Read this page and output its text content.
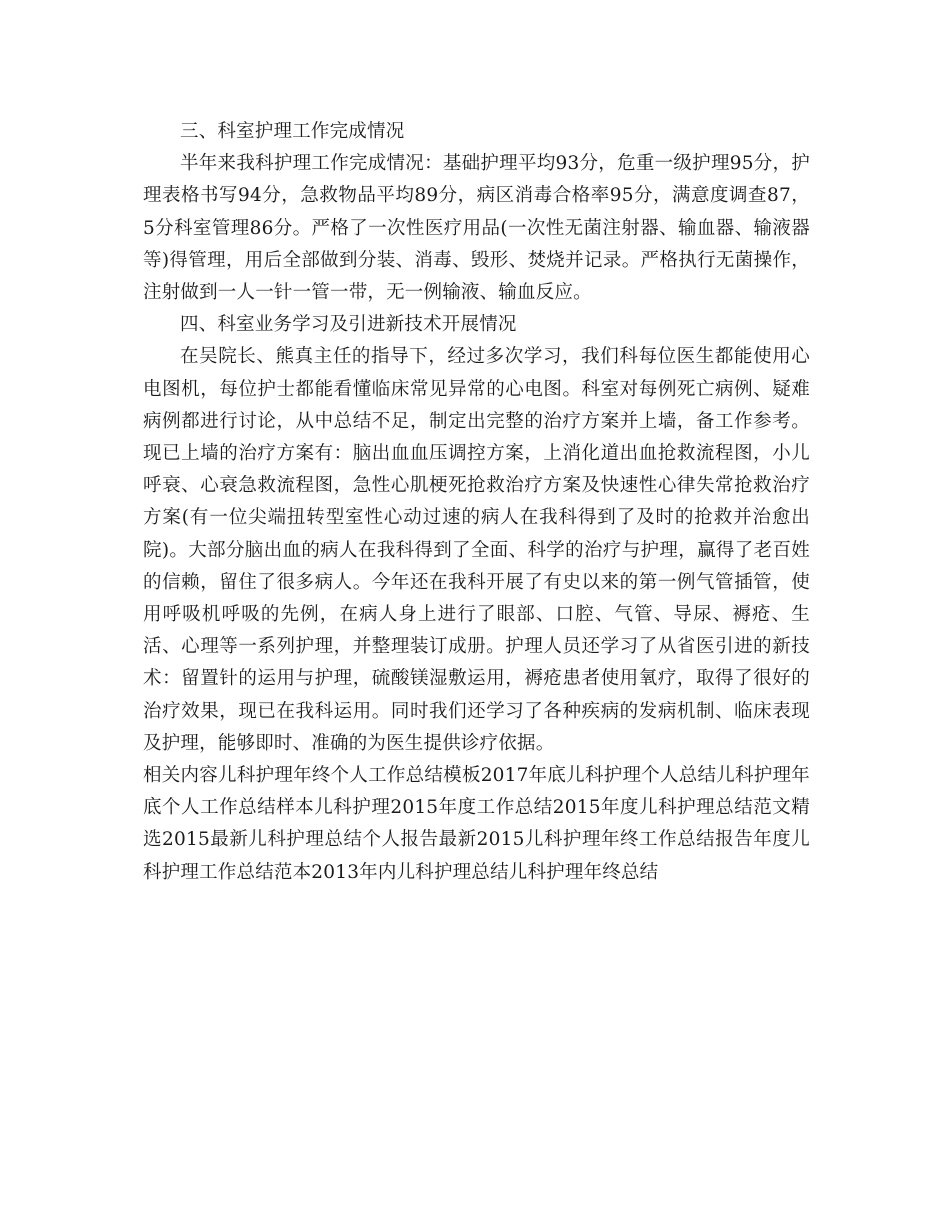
三、科室护理工作完成情况

半年来我科护理工作完成情况：基础护理平均93分，危重一级护理95分，护理表格书写94分，急救物品平均89分，病区消毒合格率95分，满意度调查87，5分科室管理86分。严格了一次性医疗用品(一次性无菌注射器、输血器、输液器等)得管理，用后全部做到分装、消毒、毁形、焚烧并记录。严格执行无菌操作，注射做到一人一针一管一带，无一例输液、输血反应。

四、科室业务学习及引进新技术开展情况

在吴院长、熊真主任的指导下，经过多次学习，我们科每位医生都能使用心电图机，每位护士都能看懂临床常见异常的心电图。科室对每例死亡病例、疑难病例都进行讨论，从中总结不足，制定出完整的治疗方案并上墙，备工作参考。现已上墙的治疗方案有：脑出血血压调控方案，上消化道出血抢救流程图，小儿呼衰、心衰急救流程图，急性心肌梗死抢救治疗方案及快速性心律失常抢救治疗方案(有一位尖端扭转型室性心动过速的病人在我科得到了及时的抢救并治愈出院)。大部分脑出血的病人在我科得到了全面、科学的治疗与护理，赢得了老百姓的信赖，留住了很多病人。今年还在我科开展了有史以来的第一例气管插管，使用呼吸机呼吸的先例，在病人身上进行了眼部、口腔、气管、导尿、褥疮、生活、心理等一系列护理，并整理装订成册。护理人员还学习了从省医引进的新技术：留置针的运用与护理，硫酸镁湿敷运用，褥疮患者使用氧疗，取得了很好的治疗效果，现已在我科运用。同时我们还学习了各种疾病的发病机制、临床表现及护理，能够即时、准确的为医生提供诊疗依据。

相关内容儿科护理年终个人工作总结模板2017年底儿科护理个人总结儿科护理年底个人工作总结样本儿科护理2015年度工作总结2015年度儿科护理总结范文精选2015最新儿科护理总结个人报告最新2015儿科护理年终工作总结报告年度儿科护理工作总结范本2013年内儿科护理总结儿科护理年终总结
